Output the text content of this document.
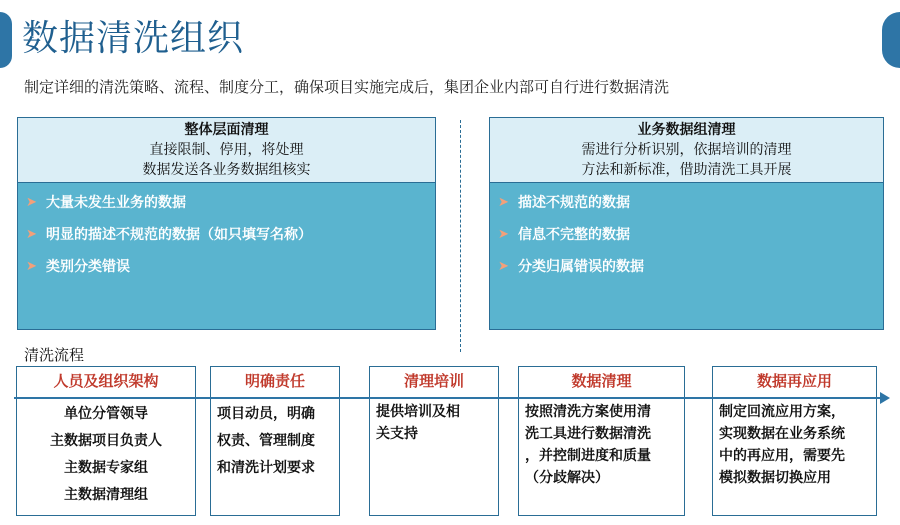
数据清洗组织
制定详细的清洗策略、流程、制度分工，确保项目实施完成后，集团企业内部可自行进行数据清洗
整体层面清理
直接限制、停用，将处理
数据发送各业务数据组核实
➤ 大量未发生业务的数据
➤ 明显的描述不规范的数据（如只填写名称）
➤ 类别分类错误
业务数据组清理
需进行分析识别，依据培训的清理
方法和新标准，借助清洗工具开展
➤ 描述不规范的数据
➤ 信息不完整的数据
➤ 分类归属错误的数据
清洗流程
人员及组织架构
单位分管领导
主数据项目负责人
主数据专家组
主数据清理组
明确责任
项目动员，明确
权责、管理制度
和清洗计划要求
清理培训
提供培训及相
关支持
数据清理
按照清洗方案使用清
洗工具进行数据清洗
，并控制进度和质量
（分歧解决）
数据再应用
制定回流应用方案，
实现数据在业务系统
中的再应用，需要先
模拟数据切换应用
